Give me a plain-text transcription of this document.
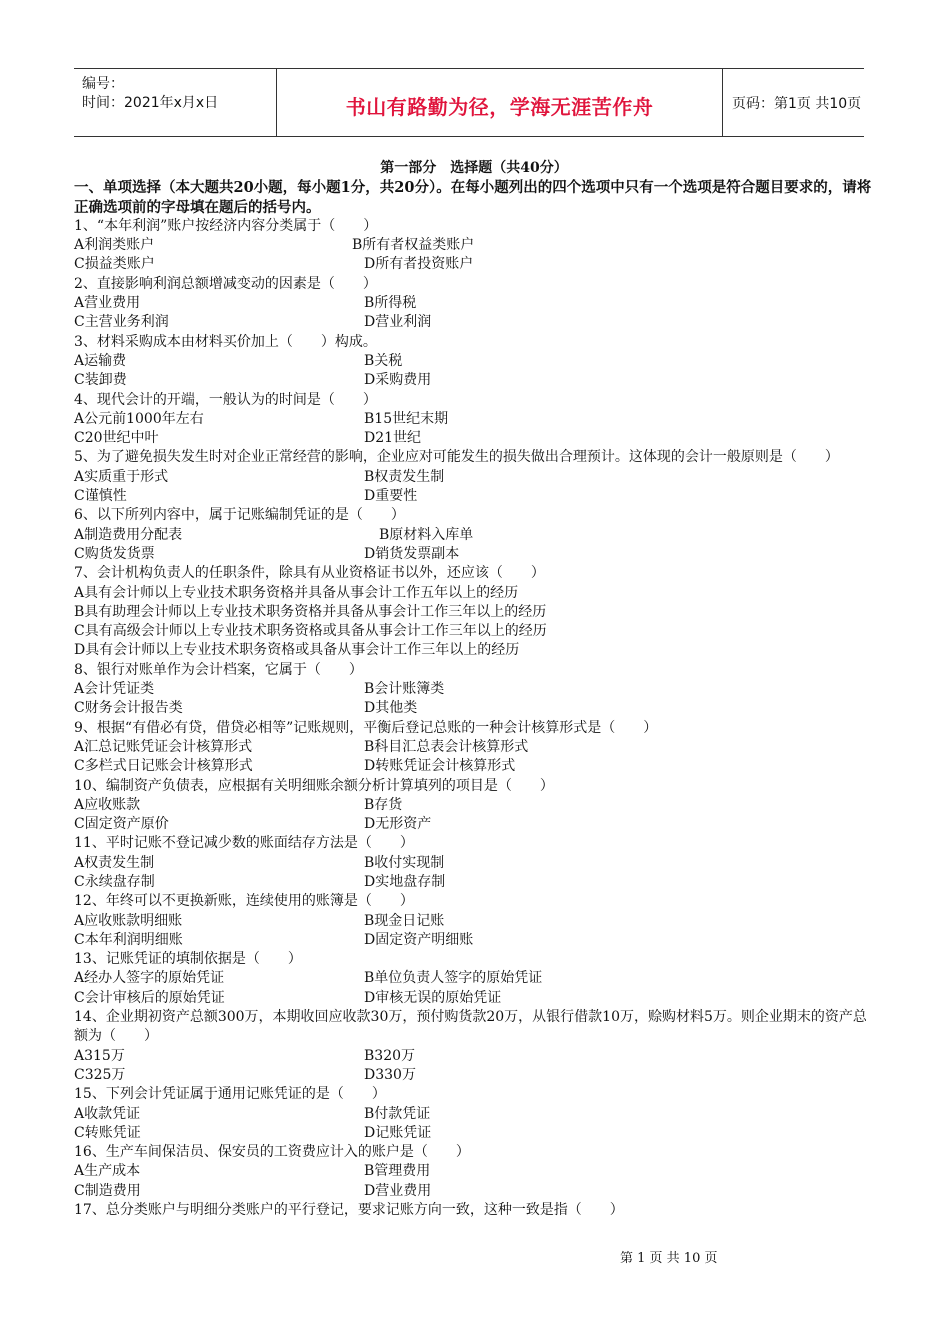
编号：
时间：2021年x月x日	书山有路勤为径，学海无涯苦作舟	页码：第1页 共10页
第一部分　选择题（共40分）
一、单项选择（本大题共20小题，每小题1分，共20分）。在每小题列出的四个选项中只有一个选项是符合题目要求的，请将正确选项前的字母填在题后的括号内。
1、“本年利润”账户按经济内容分类属于（　　）
A利润类账户	B所有者权益类账户
C损益类账户	D所有者投资账户
2、直接影响利润总额增减变动的因素是（　　）
A营业费用	B所得税
C主营业务利润	D营业利润
3、材料采购成本由材料买价加上（　　）构成。
A运输费	B关税
C装卸费	D采购费用
4、现代会计的开端，一般认为的时间是（　　）
A公元前1000年左右	B15世纪末期
C20世纪中叶	D21世纪
5、为了避免损失发生时对企业正常经营的影响，企业应对可能发生的损失做出合理预计。这体现的会计一般原则是（　　）
A实质重于形式	B权责发生制
C谨慎性	D重要性
6、以下所列内容中，属于记账编制凭证的是（　　）
A制造费用分配表	B原材料入库单
C购货发货票	D销货发票副本
7、会计机构负责人的任职条件，除具有从业资格证书以外，还应该（　　）
A具有会计师以上专业技术职务资格并具备从事会计工作五年以上的经历
B具有助理会计师以上专业技术职务资格并具备从事会计工作三年以上的经历
C具有高级会计师以上专业技术职务资格或具备从事会计工作三年以上的经历
D具有会计师以上专业技术职务资格或具备从事会计工作三年以上的经历
8、银行对账单作为会计档案，它属于（　　）
A会计凭证类	B会计账簿类
C财务会计报告类	D其他类
9、根据“有借必有贷，借贷必相等”记账规则，平衡后登记总账的一种会计核算形式是（　　）
A汇总记账凭证会计核算形式	B科目汇总表会计核算形式
C多栏式日记账会计核算形式	D转账凭证会计核算形式
10、编制资产负债表，应根据有关明细账余额分析计算填列的项目是（　　）
A应收账款	B存货
C固定资产原价	D无形资产
11、平时记账不登记减少数的账面结存方法是（　　）
A权责发生制	B收付实现制
C永续盘存制	D实地盘存制
12、年终可以不更换新账，连续使用的账簿是（　　）
A应收账款明细账	B现金日记账
C本年利润明细账	D固定资产明细账
13、记账凭证的填制依据是（　　）
A经办人签字的原始凭证	B单位负责人签字的原始凭证
C会计审核后的原始凭证	D审核无误的原始凭证
14、企业期初资产总额300万，本期收回应收款30万，预付购货款20万，从银行借款10万，赊购材料5万。则企业期末的资产总额为（　　）
A315万	B320万
C325万	D330万
15、下列会计凭证属于通用记账凭证的是（　　）
A收款凭证	B付款凭证
C转账凭证	D记账凭证
16、生产车间保洁员、保安员的工资费应计入的账户是（　　）
A生产成本	B管理费用
C制造费用	D营业费用
17、总分类账户与明细分类账户的平行登记，要求记账方向一致，这种一致是指（　　）
第 1 页 共 10 页
